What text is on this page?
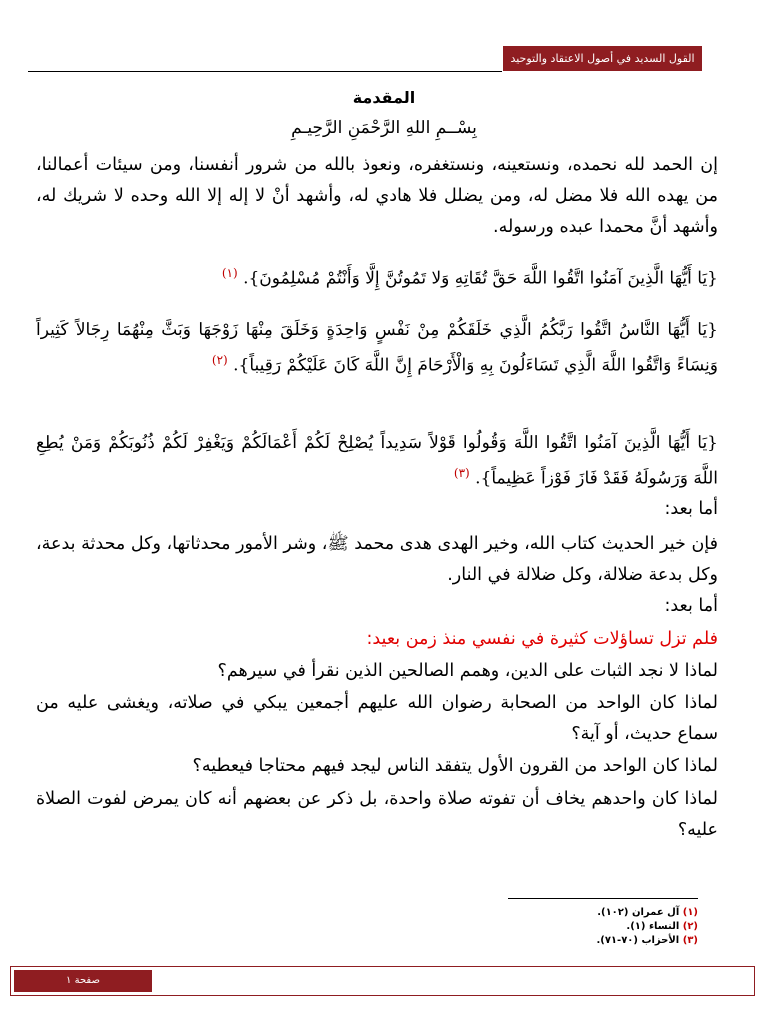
القول السديد في أصول الاعتقاد والتوحيد
المقدمة
بِسْــمِ اللهِ الرَّحْمَنِ الرَّحِيـمِ

إن الحمد لله نحمده، ونستعينه، ونستغفره، ونعوذ بالله من شرور أنفسنا، ومن سيئات أعمالنا، من يهده الله فلا مضل له، ومن يضلل فلا هادي له، وأشهد أنْ لا إله إلا الله وحده لا شريك له، وأشهد أنَّ محمدا عبده ورسوله.

{يَا أَيُّهَا الَّذِينَ آمَنُوا اتَّقُوا اللَّهَ حَقَّ تُقَاتِهِ وَلا تَمُوتُنَّ إِلَّا وَأَنْتُمْ مُسْلِمُونَ}. $^{(١)}$

{يَا أَيُّهَا النَّاسُ اتَّقُوا رَبَّكُمُ الَّذِي خَلَقَكُمْ مِنْ نَفْسٍ وَاحِدَةٍ وَخَلَقَ مِنْهَا زَوْجَهَا وَبَثَّ مِنْهُمَا رِجَالاً كَثِيراً وَنِسَاءً وَاتَّقُوا اللَّهَ الَّذِي تَسَاءَلُونَ بِهِ وَالْأَرْحَامَ إِنَّ اللَّهَ كَانَ عَلَيْكُمْ رَقِيباً}. $^{(٢)}$

{يَا أَيُّهَا الَّذِينَ آمَنُوا اتَّقُوا اللَّهَ وَقُولُوا قَوْلاً سَدِيداً يُصْلِحْ لَكُمْ أَعْمَالَكُمْ وَيَغْفِرْ لَكُمْ ذُنُوبَكُمْ وَمَنْ يُطِعِ اللَّهَ وَرَسُولَهُ فَقَدْ فَازَ فَوْزاً عَظِيماً}. $^{(٣)}$

أما بعد:

فإن خير الحديث كتاب الله، وخير الهدى هدى محمد ﷺ، وشر الأمور محدثاتها، وكل محدثة بدعة، وكل بدعة ضلالة، وكل ضلالة في النار.

أما بعد:

فلم تزل تساؤلات كثيرة في نفسي منذ زمن بعيد:

لماذا لا نجد الثبات على الدين، وهمم الصالحين الذين نقرأ في سيرهم؟

لماذا كان الواحد من الصحابة رضوان الله عليهم أجمعين يبكي في صلاته، ويغشى عليه من سماع حديث، أو آية؟

لماذا كان الواحد من القرون الأول يتفقد الناس ليجد فيهم محتاجا فيعطيه؟

لماذا كان واحدهم يخاف أن تفوته صلاة واحدة، بل ذكر عن بعضهم أنه كان يمرض لفوت الصلاة عليه؟

(١) آل عمران (١٠٢).
(٢) النساء (١).
(٣) الأحزاب (٧٠-٧١).
صفحة ١
